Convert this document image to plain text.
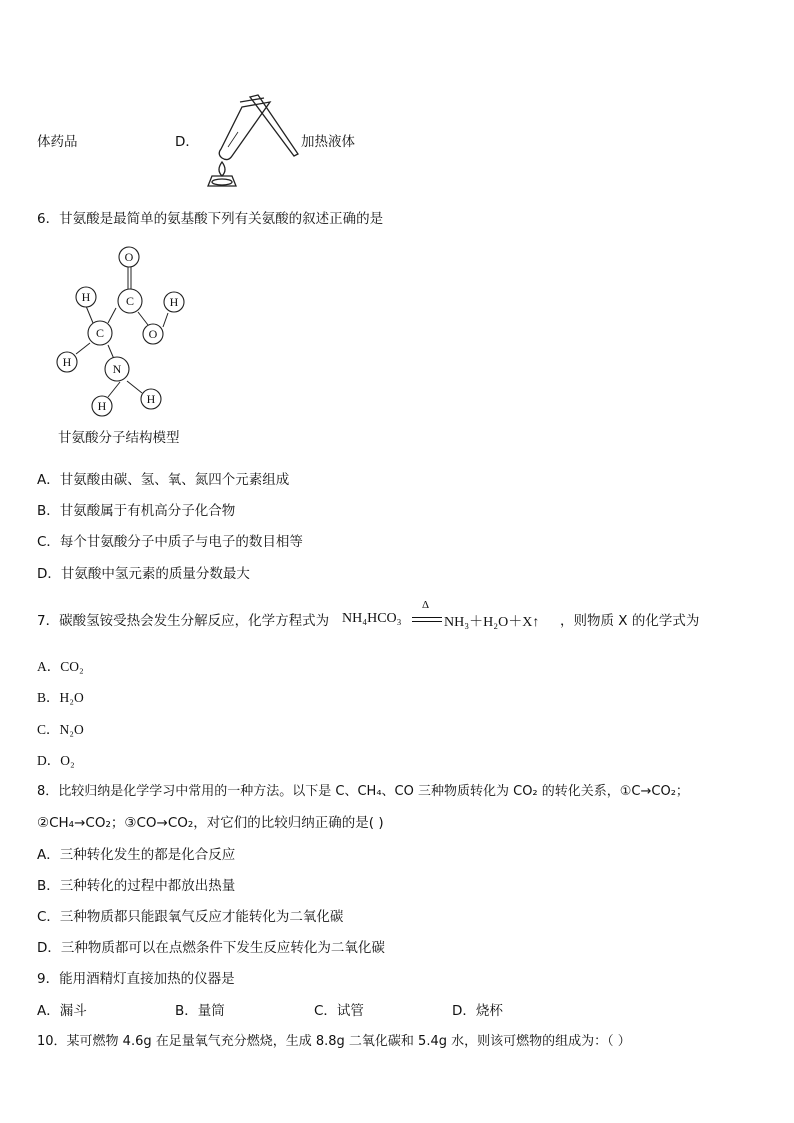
体药品	D．	加热液体
6．甘氨酸是最简单的氨基酸下列有关氨酸的叙述正确的是
O
C
H	H
C	O
H	N
H
H
甘氨酸分子结构模型
A．甘氨酸由碳、氢、氧、氮四个元素组成
B．甘氨酸属于有机高分子化合物
C．每个甘氨酸分子中质子与电子的数目相等
D．甘氨酸中氢元素的质量分数最大
7．碳酸氢铵受热会发生分解反应，化学方程式为 NH₄HCO₃
Δ
NH₃＋H₂O＋X↑ ，则物质 X 的化学式为
A．CO₂
B．H₂O
C．N₂O
D．O₂
8．比较归纳是化学学习中常用的一种方法。以下是 C、CH₄、CO 三种物质转化为 CO₂ 的转化关系，①C→CO₂；
②CH₄→CO₂；③CO→CO₂，对它们的比较归纳正确的是( )
A．三种转化发生的都是化合反应
B．三种转化的过程中都放出热量
C．三种物质都只能跟氧气反应才能转化为二氧化碳
D．三种物质都可以在点燃条件下发生反应转化为二氧化碳
9．能用酒精灯直接加热的仪器是
A．漏斗	B．量筒	C．试管	D．烧杯
10．某可燃物 4.6g 在足量氧气充分燃烧，生成 8.8g 二氧化碳和 5.4g 水，则该可燃物的组成为：（ ）
